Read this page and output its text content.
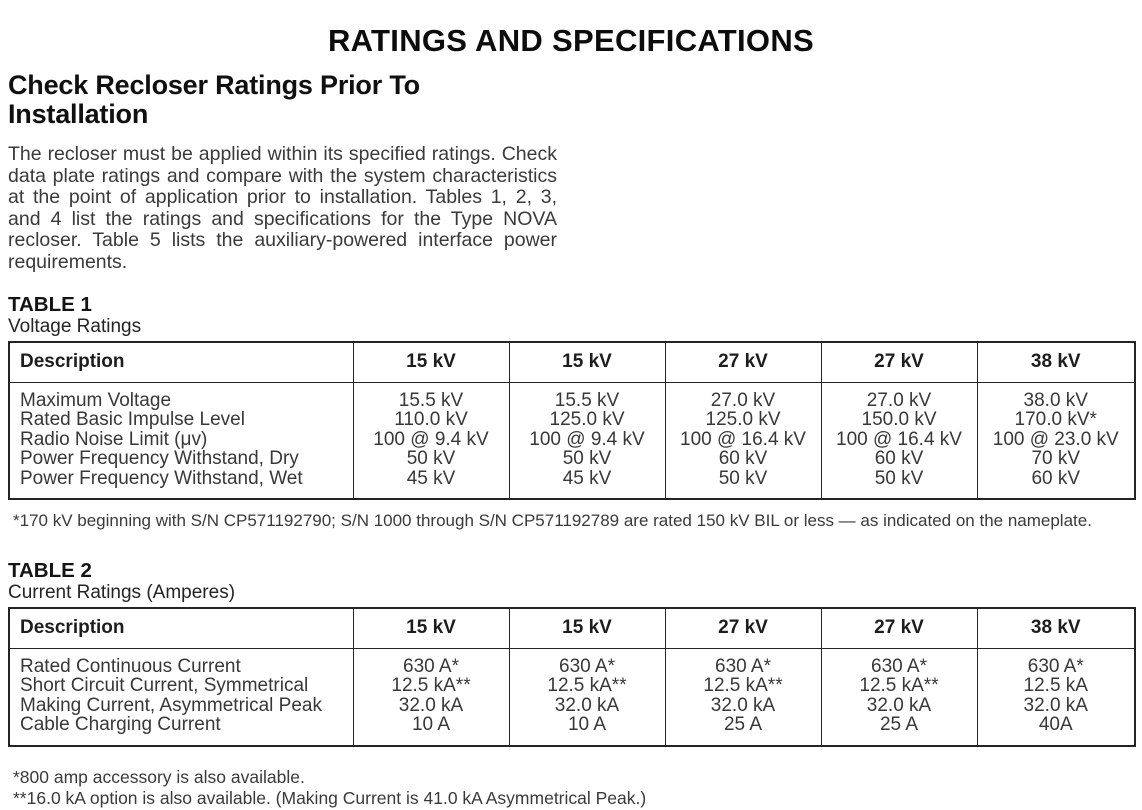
RATINGS AND SPECIFICATIONS
Check Recloser Ratings Prior To Installation

The recloser must be applied within its specified ratings. Check data plate ratings and compare with the system characteristics at the point of application prior to installation. Tables 1, 2, 3, and 4 list the ratings and specifications for the Type NOVA recloser. Table 5 lists the auxiliary-powered interface power requirements.

TABLE 1
Voltage Ratings
Description	15 kV	15 kV	27 kV	27 kV	38 kV
Maximum Voltage	15.5 kV	15.5 kV	27.0 kV	27.0 kV	38.0 kV
Rated Basic Impulse Level	110.0 kV	125.0 kV	125.0 kV	150.0 kV	170.0 kV*
Radio Noise Limit (μv)	100 @ 9.4 kV	100 @ 9.4 kV	100 @ 16.4 kV	100 @ 16.4 kV	100 @ 23.0 kV
Power Frequency Withstand, Dry	50 kV	50 kV	60 kV	60 kV	70 kV
Power Frequency Withstand, Wet	45 kV	45 kV	50 kV	50 kV	60 kV
*170 kV beginning with S/N CP571192790; S/N 1000 through S/N CP571192789 are rated 150 kV BIL or less — as indicated on the nameplate.
TABLE 2
Current Ratings (Amperes)
Description	15 kV	15 kV	27 kV	27 kV	38 kV
Rated Continuous Current	630 A*	630 A*	630 A*	630 A*	630 A*
Short Circuit Current, Symmetrical	12.5 kA**	12.5 kA**	12.5 kA**	12.5 kA**	12.5 kA
Making Current, Asymmetrical Peak	32.0 kA	32.0 kA	32.0 kA	32.0 kA	32.0 kA
Cable Charging Current	10 A	10 A	25 A	25 A	40A
*800 amp accessory is also available.
**16.0 kA option is also available. (Making Current is 41.0 kA Asymmetrical Peak.)
